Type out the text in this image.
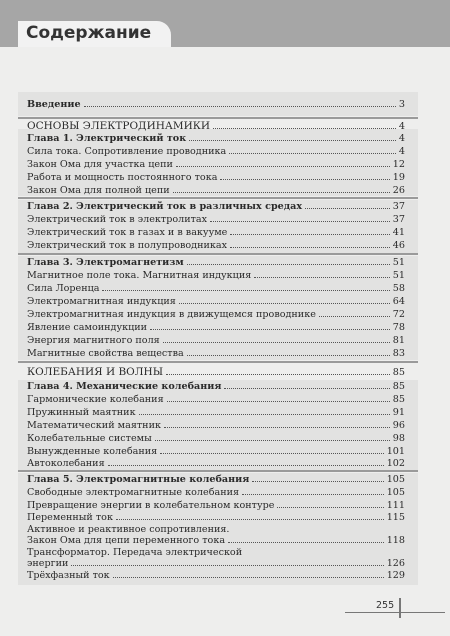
Содержание
Введение	3
ОСНОВЫ ЭЛЕКТРОДИНАМИКИ	4
Глава 1. Электрический ток	4
Сила тока. Сопротивление проводника	4
Закон Ома для участка цепи	12
Работа и мощность постоянного тока	19
Закон Ома для полной цепи	26
Глава 2. Электрический ток в различных средах	37
Электрический ток в электролитах	37
Электрический ток в газах и в вакууме	41
Электрический ток в полупроводниках	46
Глава 3. Электромагнетизм	51
Магнитное поле тока. Магнитная индукция	51
Сила Лоренца	58
Электромагнитная индукция	64
Электромагнитная индукция в движущемся проводнике	72
Явление самоиндукции	78
Энергия магнитного поля	81
Магнитные свойства вещества	83
КОЛЕБАНИЯ И ВОЛНЫ	85
Глава 4. Механические колебания	85
Гармонические колебания	85
Пружинный маятник	91
Математический маятник	96
Колебательные системы	98
Вынужденные колебания	101
Автоколебания	102
Глава 5. Электромагнитные колебания	105
Свободные электромагнитные колебания	105
Превращение энергии в колебательном контуре	111
Переменный ток	115
Активное и реактивное сопротивления.
Закон Ома для цепи переменного тока	118
Трансформатор. Передача электрической
энергии	126
Трёхфазный ток	129
255
